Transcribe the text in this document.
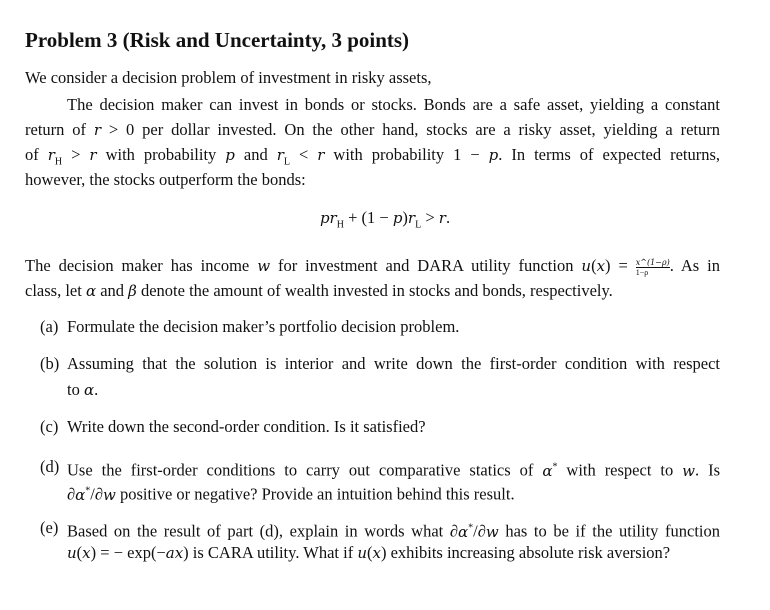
Problem 3 (Risk and Uncertainty, 3 points)
We consider a decision problem of investment in risky assets,
The decision maker can invest in bonds or stocks. Bonds are a safe asset, yielding a constant
return of r > 0 per dollar invested. On the other hand, stocks are a risky asset, yielding a return
of $r_H > r$ with probability p and $r_L < r$ with probability 1 − p. In terms of expected returns,
however, the stocks outperform the bonds:
$pr_H + (1 - p)r_L > r$.
The decision maker has income w for investment and DARA utility function $u(x) = \frac{x\^{}(1-\rho)}{1-\rho}$ . As in
class, let α and β denote the amount of wealth invested in stocks and bonds, respectively.
(a) Formulate the decision maker’s portfolio decision problem.
(b) Assuming that the solution is interior and write down the first-order condition with respect
to α.
(c) Write down the second-order condition. Is it satisfied?
(d) Use the first-order conditions to carry out comparative statics of α* with respect to w. Is
∂α*/∂w positive or negative? Provide an intuition behind this result.
(e) Based on the result of part (d), explain in words what ∂α*/∂w has to be if the utility function
u(x) = − exp(−ax) is CARA utility. What if u(x) exhibits increasing absolute risk aversion?
